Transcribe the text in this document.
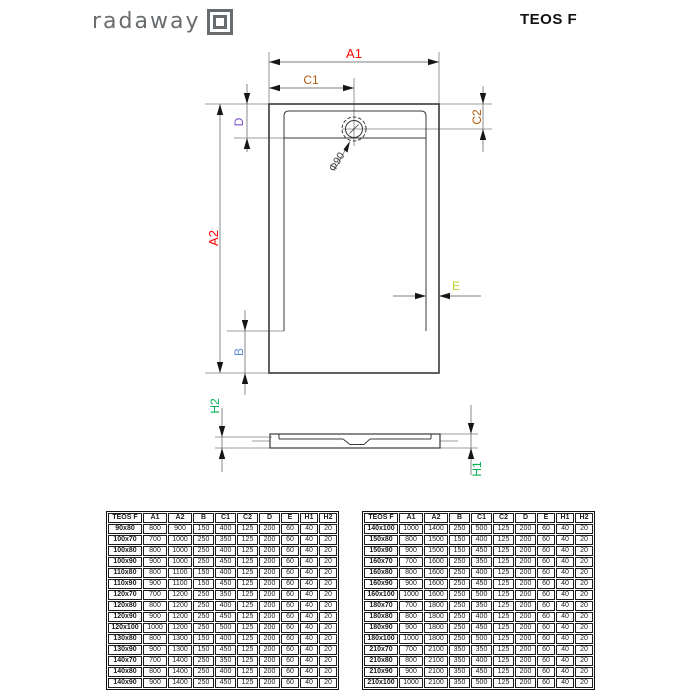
radaway	TEOS F
A1
C1
A2
D	C2
B
E
H2
H1
Φ90
TEOS F	A1	A2	B	C1	C2	D	E	H1	H2
90x80	800	900	150	400	125	200	60	40	20
100x70	700	1000	250	350	125	200	60	40	20
100x80	800	1000	250	400	125	200	60	40	20
100x90	900	1000	250	450	125	200	60	40	20
110x80	800	1100	150	400	125	200	60	40	20
110x90	900	1100	150	450	125	200	60	40	20
120x70	700	1200	250	350	125	200	60	40	20
120x80	800	1200	250	400	125	200	60	40	20
120x90	900	1200	250	450	125	200	60	40	20
120x100	1000	1200	250	500	125	200	60	40	20
130x80	800	1300	150	400	125	200	60	40	20
130x90	900	1300	150	450	125	200	60	40	20
140x70	700	1400	250	350	125	200	60	40	20
140x80	800	1400	250	400	125	200	60	40	20
140x90	900	1400	250	450	125	200	60	40	20
TEOS F	A1	A2	B	C1	C2	D	E	H1	H2
140x100	1000	1400	250	500	125	200	60	40	20
150x80	800	1500	150	400	125	200	60	40	20
150x90	900	1500	150	450	125	200	60	40	20
160x70	700	1600	250	350	125	200	60	40	20
160x80	800	1600	250	400	125	200	60	40	20
160x90	900	1600	250	450	125	200	60	40	20
160x100	1000	1600	250	500	125	200	60	40	20
180x70	700	1800	250	350	125	200	60	40	20
180x80	800	1800	250	400	125	200	60	40	20
180x90	900	1800	250	450	125	200	60	40	20
180x100	1000	1800	250	500	125	200	60	40	20
210x70	700	2100	350	350	125	200	60	40	20
210x80	800	2100	350	400	125	200	60	40	20
210x90	900	2100	350	450	125	200	60	40	20
210x100	1000	2100	350	500	125	200	60	40	20
